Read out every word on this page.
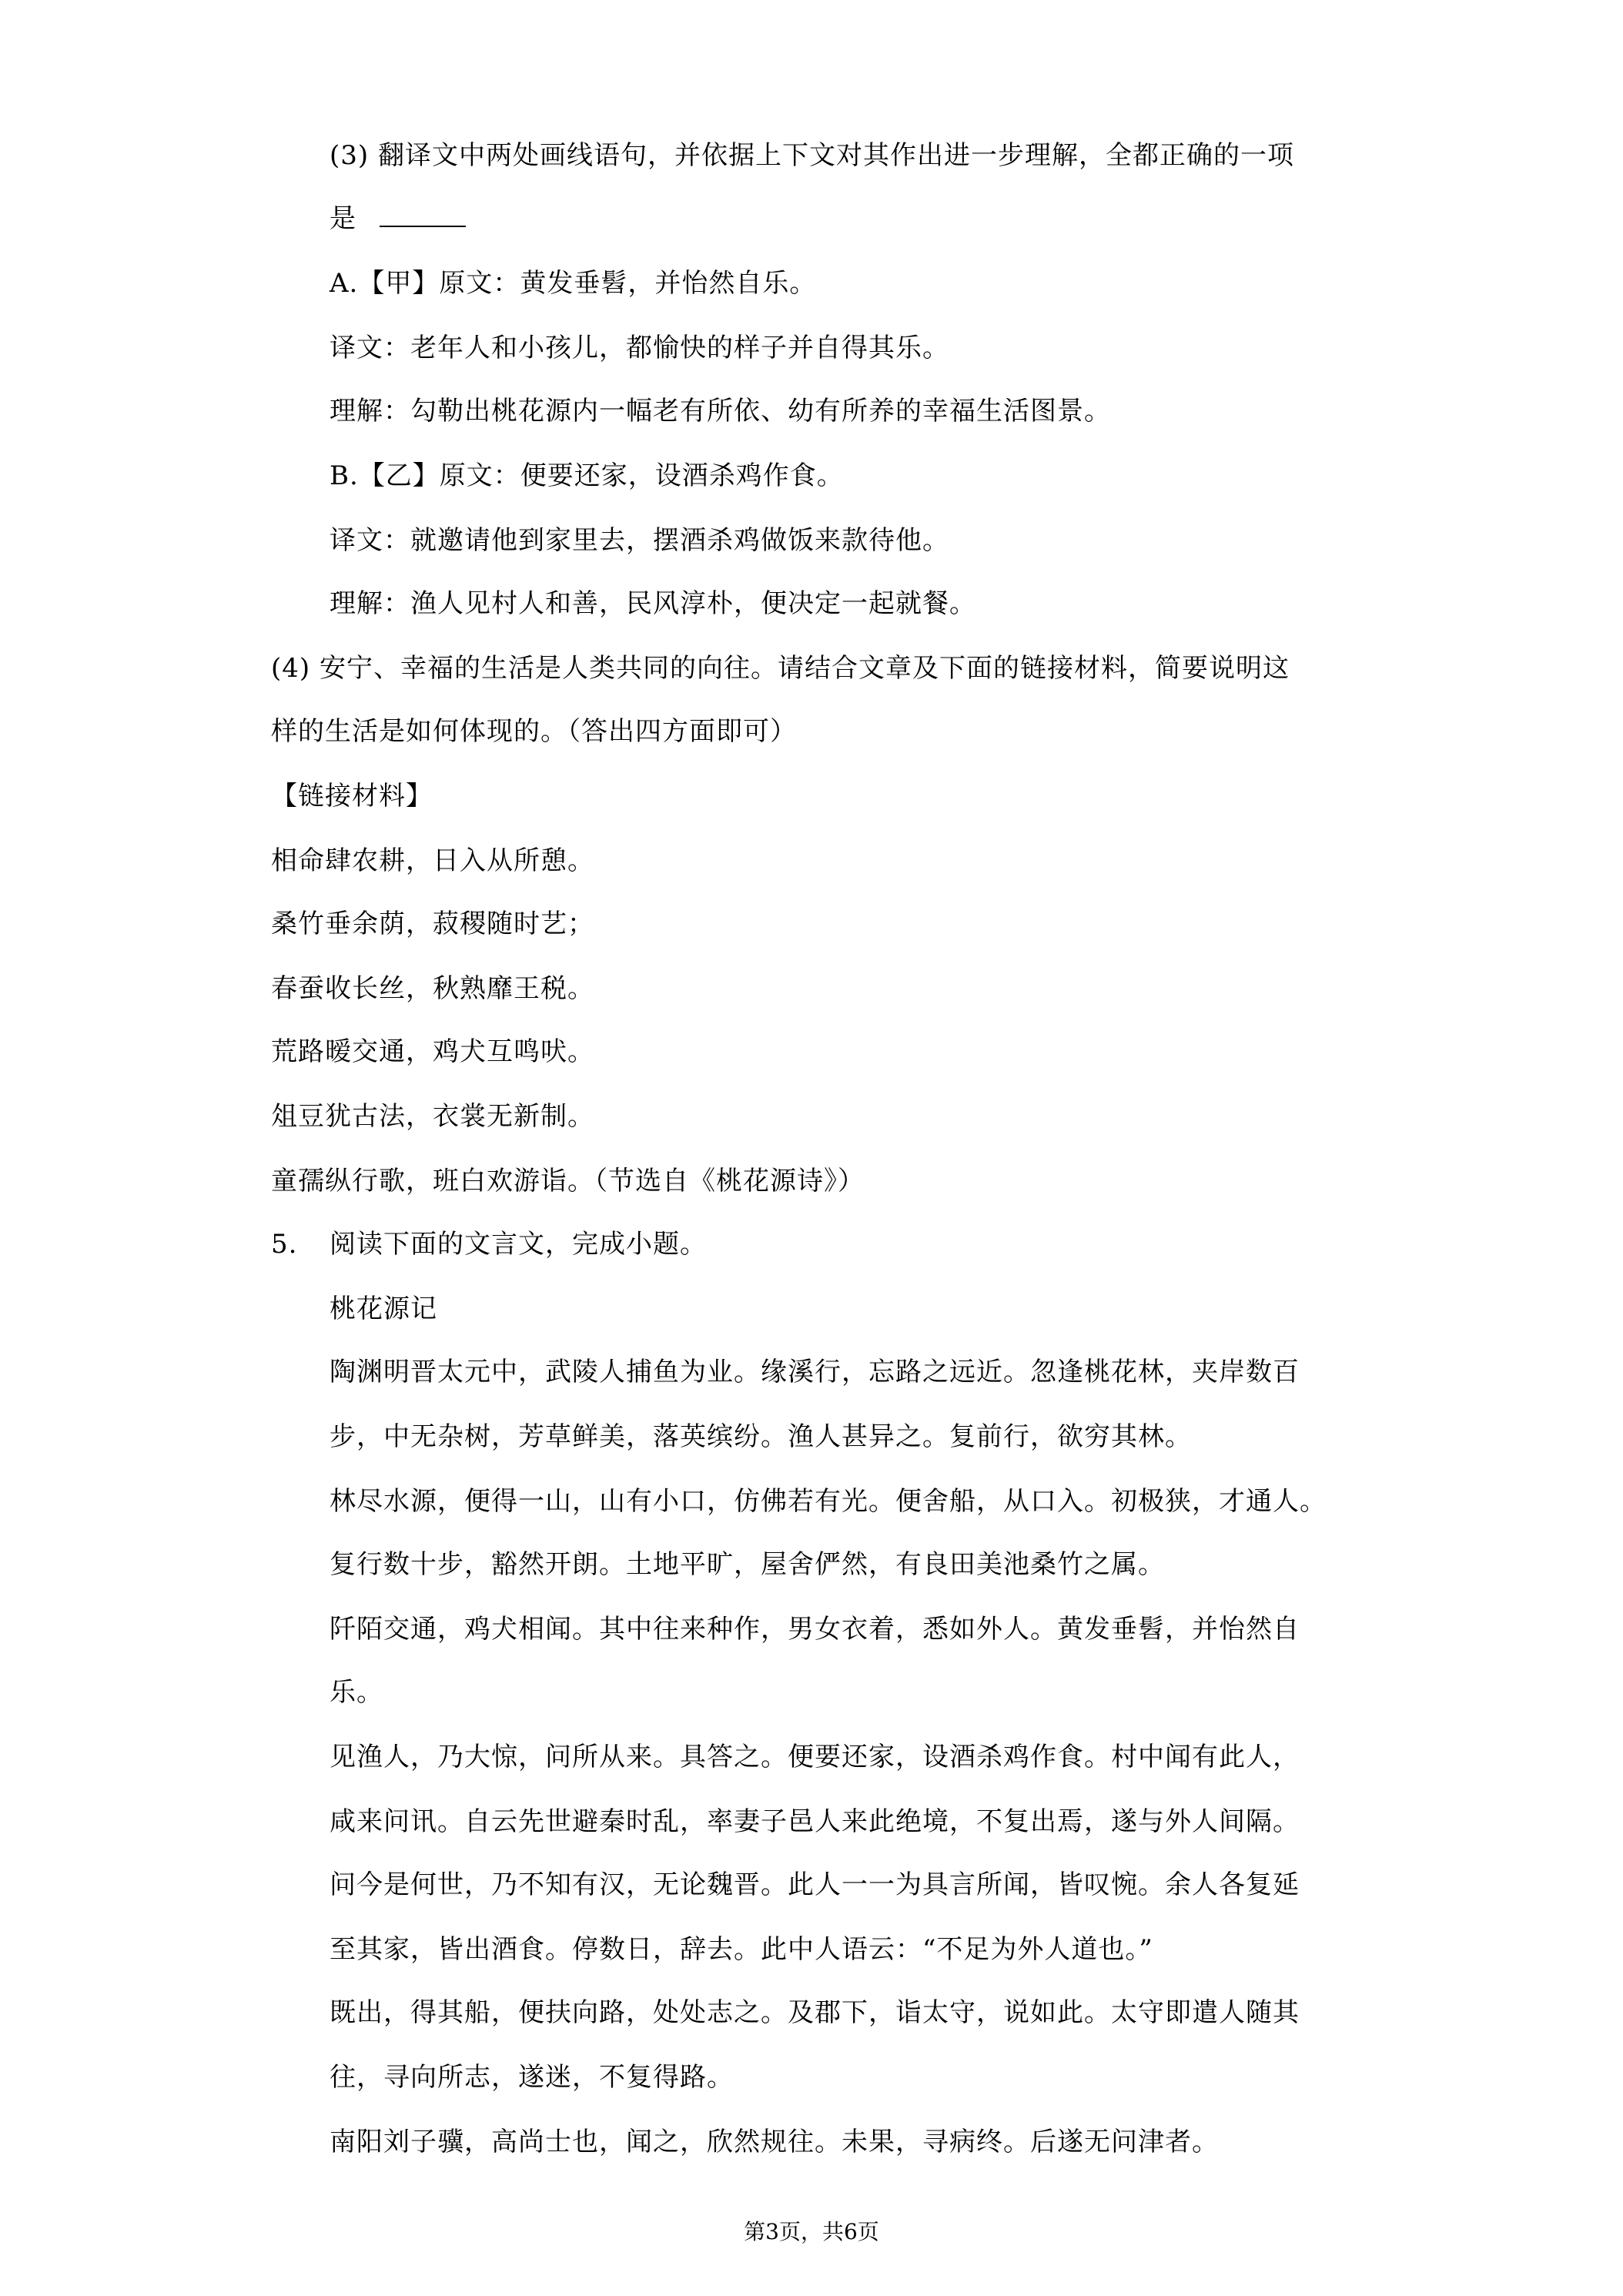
(3) 翻译文中两处画线语句，并依据上下文对其作出进一步理解，全都正确的一项
是
A.【甲】原文：黄发垂髫，并怡然自乐。
译文：老年人和小孩儿，都愉快的样子并自得其乐。
理解：勾勒出桃花源内一幅老有所依、幼有所养的幸福生活图景。
B.【乙】原文：便要还家，设酒杀鸡作食。
译文：就邀请他到家里去，摆酒杀鸡做饭来款待他。
理解：渔人见村人和善，民风淳朴，便决定一起就餐。
(4) 安宁、幸福的生活是人类共同的向往。请结合文章及下面的链接材料，简要说明这
样的生活是如何体现的。（答出四方面即可）
【链接材料】
相命肆农耕，日入从所憩。
桑竹垂余荫，菽稷随时艺；
春蚕收长丝，秋熟靡王税。
荒路暧交通，鸡犬互鸣吠。
俎豆犹古法，衣裳无新制。
童孺纵行歌，班白欢游诣。（节选自《桃花源诗》）
5. 阅读下面的文言文，完成小题。
桃花源记
陶渊明晋太元中，武陵人捕鱼为业。缘溪行，忘路之远近。忽逢桃花林，夹岸数百
步，中无杂树，芳草鲜美，落英缤纷。渔人甚异之。复前行，欲穷其林。
林尽水源，便得一山，山有小口，仿佛若有光。便舍船，从口入。初极狭，才通人。
复行数十步，豁然开朗。土地平旷，屋舍俨然，有良田美池桑竹之属。
阡陌交通，鸡犬相闻。其中往来种作，男女衣着，悉如外人。黄发垂髫，并怡然自
乐。
见渔人，乃大惊，问所从来。具答之。便要还家，设酒杀鸡作食。村中闻有此人，
咸来问讯。自云先世避秦时乱，率妻子邑人来此绝境，不复出焉，遂与外人间隔。
问今是何世，乃不知有汉，无论魏晋。此人一一为具言所闻，皆叹惋。余人各复延
至其家，皆出酒食。停数日，辞去。此中人语云：“不足为外人道也。”
既出，得其船，便扶向路，处处志之。及郡下，诣太守，说如此。太守即遣人随其
往，寻向所志，遂迷，不复得路。
南阳刘子骥，高尚士也，闻之，欣然规往。未果，寻病终。后遂无问津者。
第3页，共6页
